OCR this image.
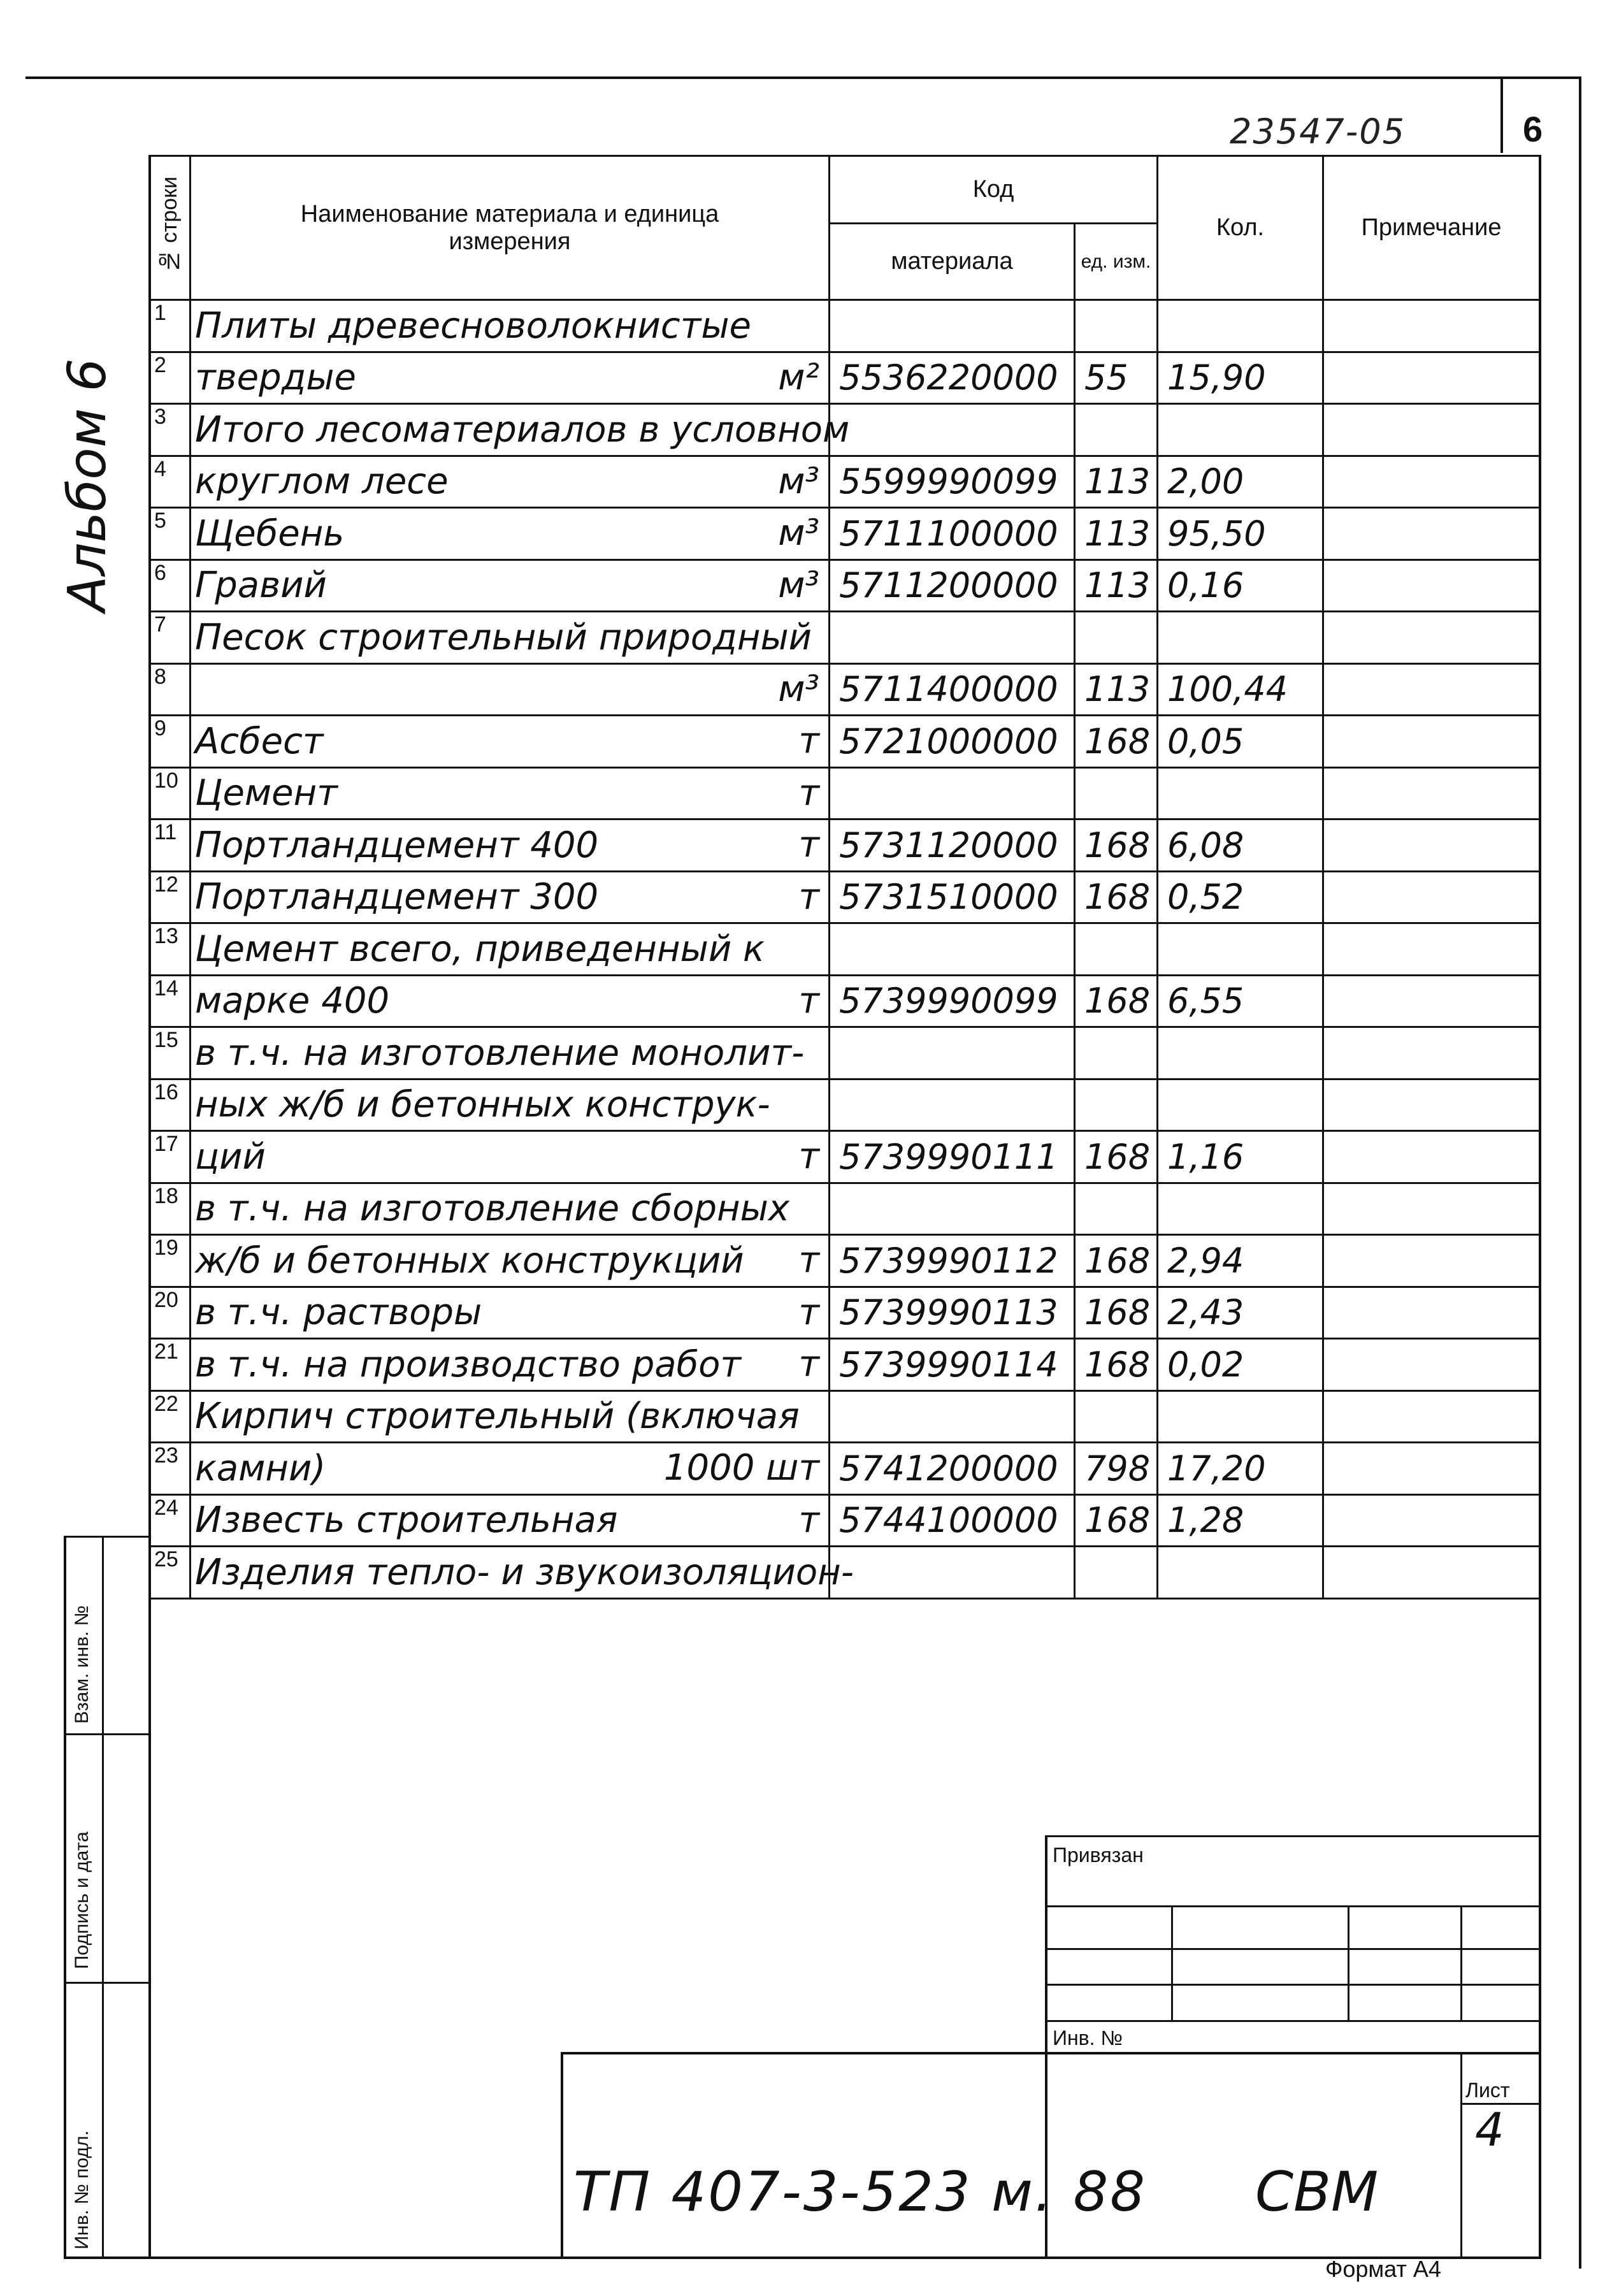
23547-05	6
Альбом 6
№ строки	Наименование материала и единица измерения	Код		Кол.	Примечание
		материала	ед. изм.		
1	Плиты древесноволокнистые

2	твердые м²	5536220000	55	15,90	
3	Итого лесоматериалов в условном

4	круглом лесе м³	5599990099	113	2,00	
5	Щебень м³	5711100000	113	95,50	
6	Гравий м³	5711200000	113	0,16	
7	Песок строительный природный

8	м³	5711400000	113	100,44	
9	Асбест т	5721000000	168	0,05	
10	Цемент т				

11	Портландцемент 400 т	5731120000	168	6,08	
12	Портландцемент 300 т	5731510000	168	0,52	
13	Цемент всего, приведенный к

14	марке 400 т	5739990099	168	6,55	
15	в т.ч. на изготовление монолит-

16	ных ж/б и бетонных конструк-

17	ций т	5739990111	168	1,16	
18	в т.ч. на изготовление сборных

19	ж/б и бетонных конструкций т	5739990112	168	2,94	
20	в т.ч. растворы т	5739990113	168	2,43	
21	в т.ч. на производство работ т	5739990114	168	0,02	
22	Кирпич строительный (включая

23	камни) 1000 шт	5741200000	798	17,20	
24	Известь строительная т	5744100000	168	1,28	
25	Изделия тепло- и звукоизоляцион-

Взам. инв. №
Подпись и дата
Инв. № подл.
Привязан
Инв. №
Лист
4
ТП 407-3-523 м. 88 СВМ
Формат А4
